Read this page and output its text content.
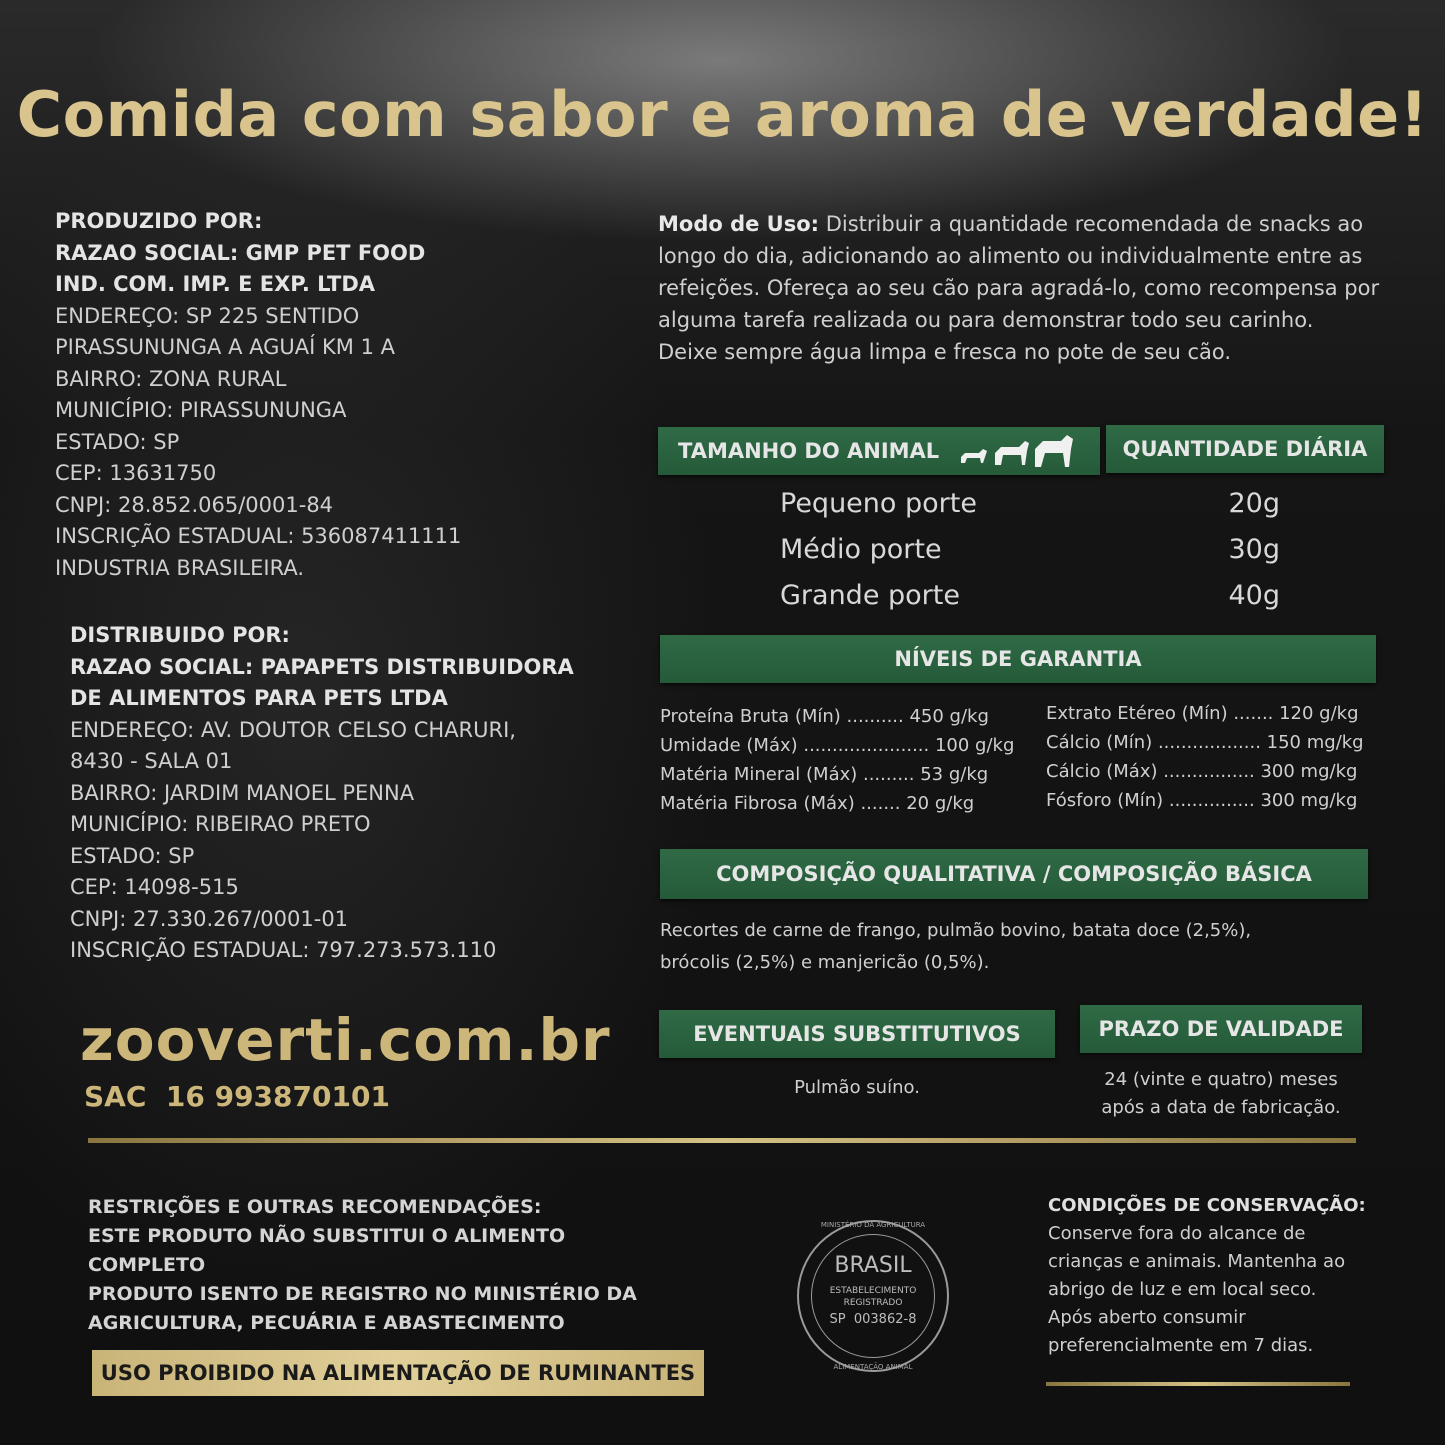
Comida com sabor e aroma de verdade!
PRODUZIDO POR:
RAZAO SOCIAL: GMP PET FOOD
IND. COM. IMP. E EXP. LTDA
ENDEREÇO: SP 225 SENTIDO
PIRASSUNUNGA A AGUAÍ KM 1 A
BAIRRO: ZONA RURAL
MUNICÍPIO: PIRASSUNUNGA
ESTADO: SP
CEP: 13631750
CNPJ: 28.852.065/0001-84
INSCRIÇÃO ESTADUAL: 536087411111
INDUSTRIA BRASILEIRA.
DISTRIBUIDO POR:
RAZAO SOCIAL: PAPAPETS DISTRIBUIDORA
DE ALIMENTOS PARA PETS LTDA
ENDEREÇO: AV. DOUTOR CELSO CHARURI,
8430 - SALA 01
BAIRRO: JARDIM MANOEL PENNA
MUNICÍPIO: RIBEIRAO PRETO
ESTADO: SP
CEP: 14098-515
CNPJ: 27.330.267/0001-01
INSCRIÇÃO ESTADUAL: 797.273.573.110
zooverti.com.br
SAC  16 993870101
Modo de Uso: Distribuir a quantidade recomendada de snacks ao longo do dia, adicionando ao alimento ou individualmente entre as refeições. Ofereça ao seu cão para agradá-lo, como recompensa por alguma tarefa realizada ou para demonstrar todo seu carinho.
Deixe sempre água limpa e fresca no pote de seu cão.
TAMANHO DO ANIMAL	QUANTIDADE DIÁRIA
Pequeno porte	20g
Médio porte	30g
Grande porte	40g
NÍVEIS DE GARANTIA
Proteína Bruta (Mín) .......... 450 g/kg
Umidade (Máx) ...................... 100 g/kg
Matéria Mineral (Máx) ......... 53 g/kg
Matéria Fibrosa (Máx) ....... 20 g/kg
Extrato Etéreo (Mín) ....... 120 g/kg
Cálcio (Mín) .................. 150 mg/kg
Cálcio (Máx) ................ 300 mg/kg
Fósforo (Mín) ............... 300 mg/kg
COMPOSIÇÃO QUALITATIVA / COMPOSIÇÃO BÁSICA
Recortes de carne de frango, pulmão bovino, batata doce (2,5%),
brócolis (2,5%) e manjericão (0,5%).
EVENTUAIS SUBSTITUTIVOS	PRAZO DE VALIDADE
Pulmão suíno.	24 (vinte e quatro) meses
após a data de fabricação.
RESTRIÇÕES E OUTRAS RECOMENDAÇÕES:
ESTE PRODUTO NÃO SUBSTITUI O ALIMENTO COMPLETO
PRODUTO ISENTO DE REGISTRO NO MINISTÉRIO DA
AGRICULTURA, PECUÁRIA E ABASTECIMENTO
BRASIL
ESTABELECIMENTO
REGISTRADO
SP  003862-8
MINISTÉRIO DA AGRICULTURA
ALIMENTAÇÃO ANIMAL
CONDIÇÕES DE CONSERVAÇÃO:
Conserve fora do alcance de
crianças e animais. Mantenha ao
abrigo de luz e em local seco.
Após aberto consumir
preferencialmente em 7 dias.
USO PROIBIDO NA ALIMENTAÇÃO DE RUMINANTES
